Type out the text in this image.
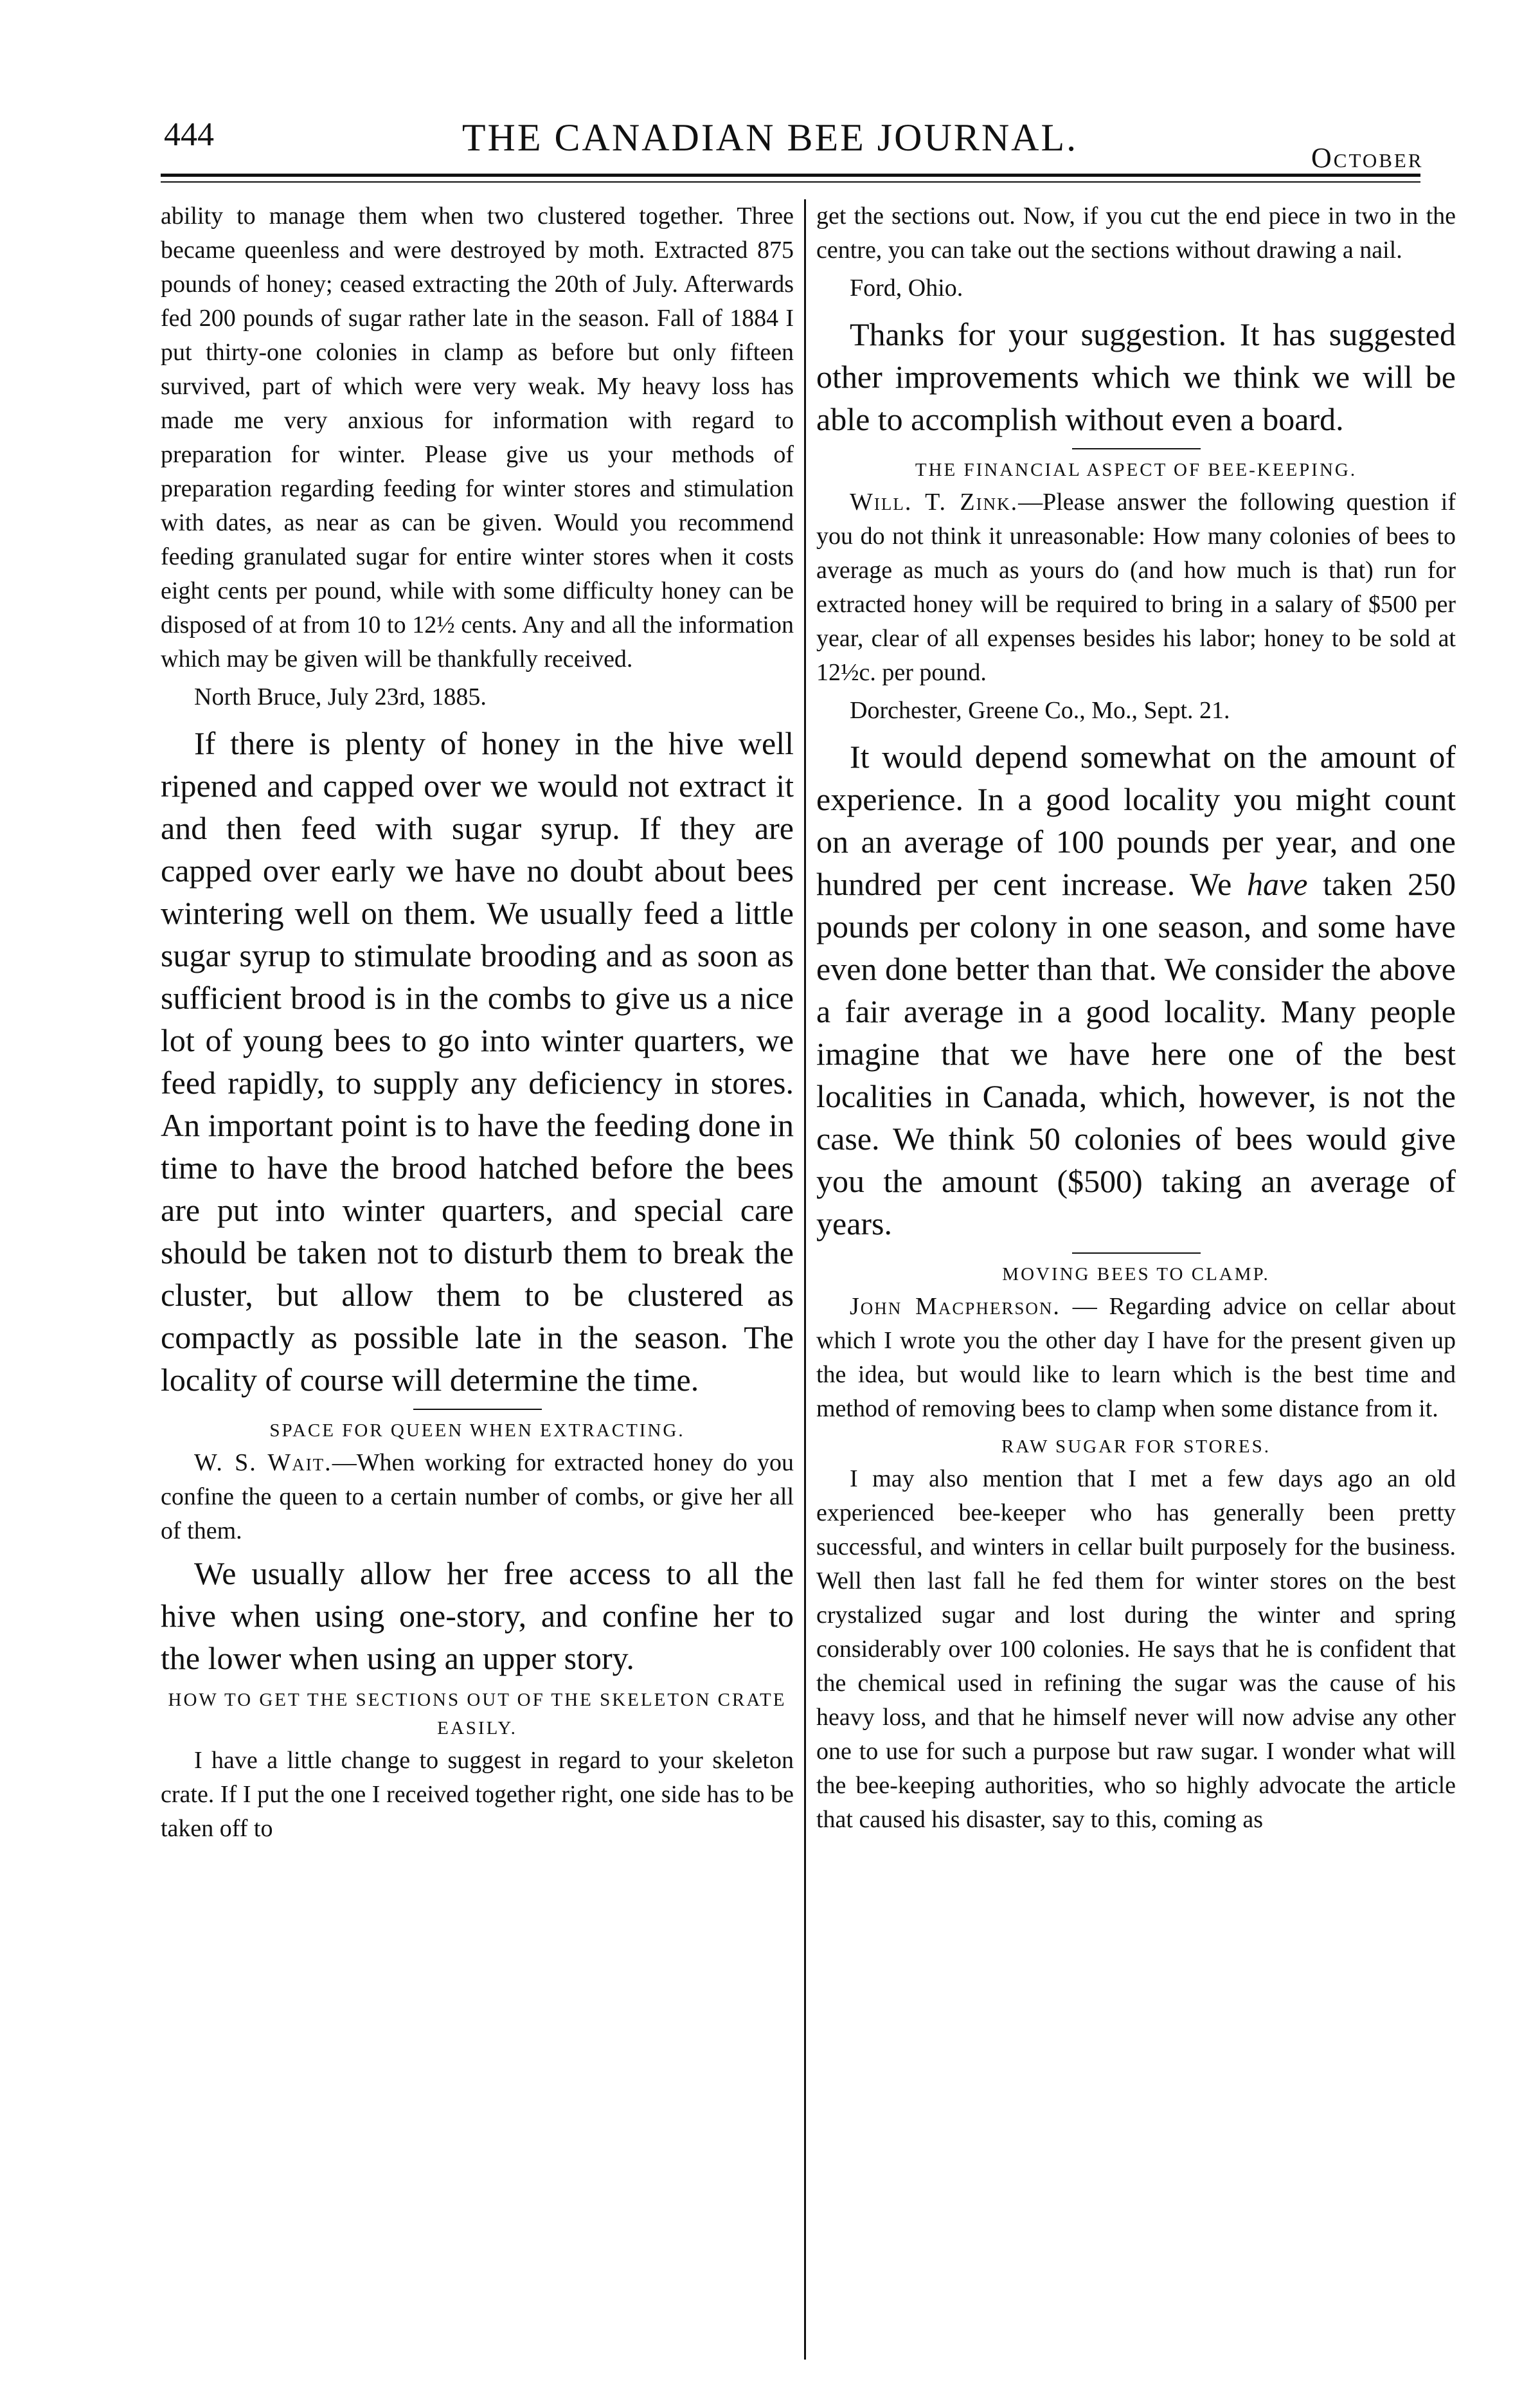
444	THE CANADIAN BEE JOURNAL.	October

ability to manage them when two clustered together. Three became queenless and were destroyed by moth. Extracted 875 pounds of honey; ceased extracting the 20th of July. Afterwards fed 200 pounds of sugar rather late in the season. Fall of 1884 I put thirty-one colonies in clamp as before but only fifteen survived, part of which were very weak. My heavy loss has made me very anxious for information with regard to preparation for winter. Please give us your methods of preparation regarding feeding for winter stores and stimulation with dates, as near as can be given. Would you recommend feeding granulated sugar for entire winter stores when it costs eight cents per pound, while with some difficulty honey can be disposed of at from 10 to 12½ cents. Any and all the information which may be given will be thankfully received.

North Bruce, July 23rd, 1885.

If there is plenty of honey in the hive well ripened and capped over we would not extract it and then feed with sugar syrup. If they are capped over early we have no doubt about bees wintering well on them. We usually feed a little sugar syrup to stimulate brooding and as soon as sufficient brood is in the combs to give us a nice lot of young bees to go into winter quarters, we feed rapidly, to supply any deficiency in stores. An important point is to have the feeding done in time to have the brood hatched before the bees are put into winter quarters, and special care should be taken not to disturb them to break the cluster, but allow them to be clustered as compactly as possible late in the season. The locality of course will determine the time.

SPACE FOR QUEEN WHEN EXTRACTING.

W. S. Wait.—When working for extracted honey do you confine the queen to a certain number of combs, or give her all of them.

We usually allow her free access to all the hive when using one-story, and confine her to the lower when using an upper story.

HOW TO GET THE SECTIONS OUT OF THE SKELETON CRATE EASILY.

I have a little change to suggest in regard to your skeleton crate. If I put the one I received together right, one side has to be taken off to

get the sections out. Now, if you cut the end piece in two in the centre, you can take out the sections without drawing a nail.

Ford, Ohio.

Thanks for your suggestion. It has suggested other improvements which we think we will be able to accomplish without even a board.

THE FINANCIAL ASPECT OF BEE-KEEPING.

Will. T. Zink.—Please answer the following question if you do not think it unreasonable: How many colonies of bees to average as much as yours do (and how much is that) run for extracted honey will be required to bring in a salary of $500 per year, clear of all expenses besides his labor; honey to be sold at 12½c. per pound.

Dorchester, Greene Co., Mo., Sept. 21.

It would depend somewhat on the amount of experience. In a good locality you might count on an average of 100 pounds per year, and one hundred per cent increase. We have taken 250 pounds per colony in one season, and some have even done better than that. We consider the above a fair average in a good locality. Many people imagine that we have here one of the best localities in Canada, which, however, is not the case. We think 50 colonies of bees would give you the amount ($500) taking an average of years.

MOVING BEES TO CLAMP.

John Macpherson. — Regarding advice on cellar about which I wrote you the other day I have for the present given up the idea, but would like to learn which is the best time and method of removing bees to clamp when some distance from it.

RAW SUGAR FOR STORES.

I may also mention that I met a few days ago an old experienced bee-keeper who has generally been pretty successful, and winters in cellar built purposely for the business. Well then last fall he fed them for winter stores on the best crystalized sugar and lost during the winter and spring considerably over 100 colonies. He says that he is confident that the chemical used in refining the sugar was the cause of his heavy loss, and that he himself never will now advise any other one to use for such a purpose but raw sugar. I wonder what will the bee-keeping authorities, who so highly advocate the article that caused his disaster, say to this, coming as
